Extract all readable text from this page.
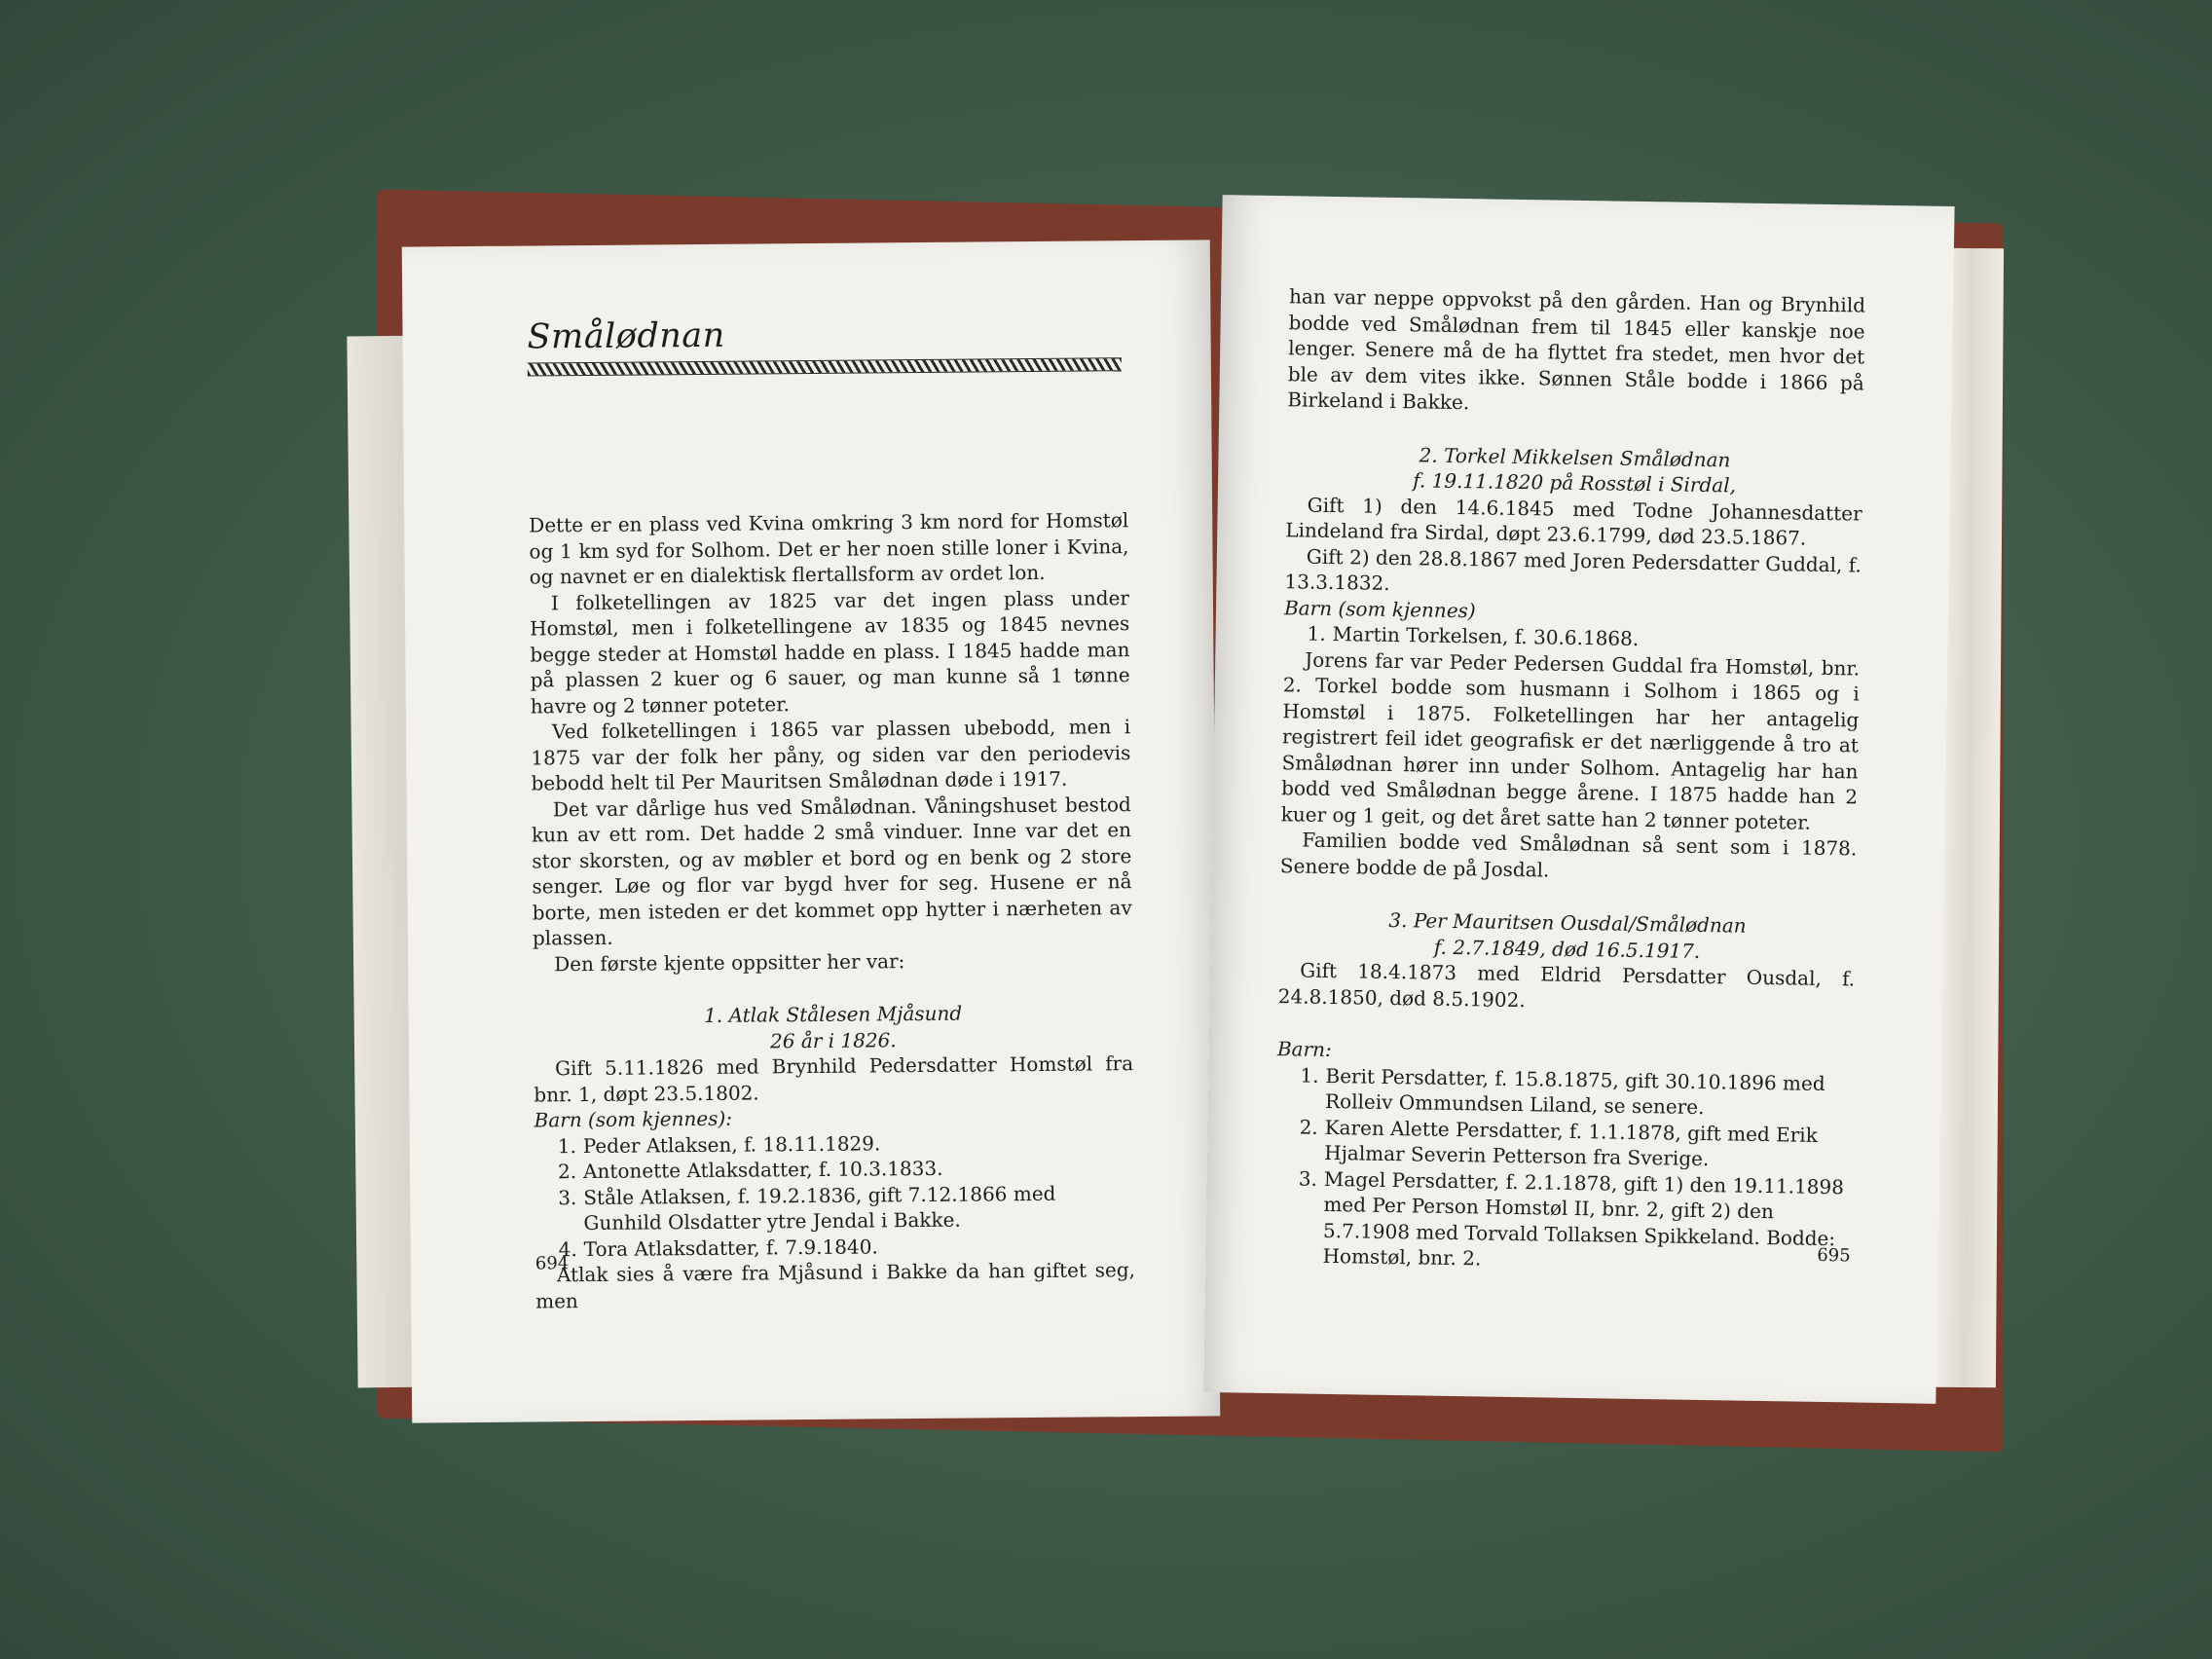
Smålødnan

Dette er en plass ved Kvina omkring 3 km nord for Homstøl og 1 km syd for Solhom. Det er her noen stille loner i Kvina, og navnet er en dialektisk flertallsform av ordet lon.

I folketellingen av 1825 var det ingen plass under Homstøl, men i folketellingene av 1835 og 1845 nevnes begge steder at Homstøl hadde en plass. I 1845 hadde man på plassen 2 kuer og 6 sauer, og man kunne så 1 tønne havre og 2 tønner poteter.

Ved folketellingen i 1865 var plassen ubebodd, men i 1875 var der folk her påny, og siden var den periodevis bebodd helt til Per Mauritsen Smålødnan døde i 1917.

Det var dårlige hus ved Smålødnan. Våningshuset bestod kun av ett rom. Det hadde 2 små vinduer. Inne var det en stor skorsten, og av møbler et bord og en benk og 2 store senger. Løe og flor var bygd hver for seg. Husene er nå borte, men isteden er det kommet opp hytter i nærheten av plassen.

Den første kjente oppsitter her var:

1. Atlak Stålesen Mjåsund
26 år i 1826.

Gift 5.11.1826 med Brynhild Pedersdatter Homstøl fra bnr. 1, døpt 23.5.1802.

Barn (som kjennes):

1. Peder Atlaksen, f. 18.11.1829.
2. Antonette Atlaksdatter, f. 10.3.1833.
3. Ståle Atlaksen, f. 19.2.1836, gift 7.12.1866 med Gunhild Olsdatter ytre Jendal i Bakke.
4. Tora Atlaksdatter, f. 7.9.1840.

Atlak sies å være fra Mjåsund i Bakke da han giftet seg, men

694

han var neppe oppvokst på den gården. Han og Brynhild bodde ved Smålødnan frem til 1845 eller kanskje noe lenger. Senere må de ha flyttet fra stedet, men hvor det ble av dem vites ikke. Sønnen Ståle bodde i 1866 på Birkeland i Bakke.

2. Torkel Mikkelsen Smålødnan
f. 19.11.1820 på Rosstøl i Sirdal,

Gift 1) den 14.6.1845 med Todne Johannesdatter Lindeland fra Sirdal, døpt 23.6.1799, død 23.5.1867.

Gift 2) den 28.8.1867 med Joren Pedersdatter Guddal, f. 13.3.1832.

Barn (som kjennes)

1. Martin Torkelsen, f. 30.6.1868.

Jorens far var Peder Pedersen Guddal fra Homstøl, bnr. 2. Torkel bodde som husmann i Solhom i 1865 og i Homstøl i 1875. Folketellingen har her antagelig registrert feil idet geografisk er det nærliggende å tro at Smålødnan hører inn under Solhom. Antagelig har han bodd ved Smålødnan begge årene. I 1875 hadde han 2 kuer og 1 geit, og det året satte han 2 tønner poteter.

Familien bodde ved Smålødnan så sent som i 1878. Senere bodde de på Josdal.

3. Per Mauritsen Ousdal/Smålødnan
f. 2.7.1849, død 16.5.1917.

Gift 18.4.1873 med Eldrid Persdatter Ousdal, f. 24.8.1850, død 8.5.1902.

Barn:

1. Berit Persdatter, f. 15.8.1875, gift 30.10.1896 med Rolleiv Ommundsen Liland, se senere.
2. Karen Alette Persdatter, f. 1.1.1878, gift med Erik Hjalmar Severin Petterson fra Sverige.
3. Magel Persdatter, f. 2.1.1878, gift 1) den 19.11.1898 med Per Person Homstøl II, bnr. 2, gift 2) den 5.7.1908 med Torvald Tollaksen Spikkeland. Bodde: Homstøl, bnr. 2.	695
